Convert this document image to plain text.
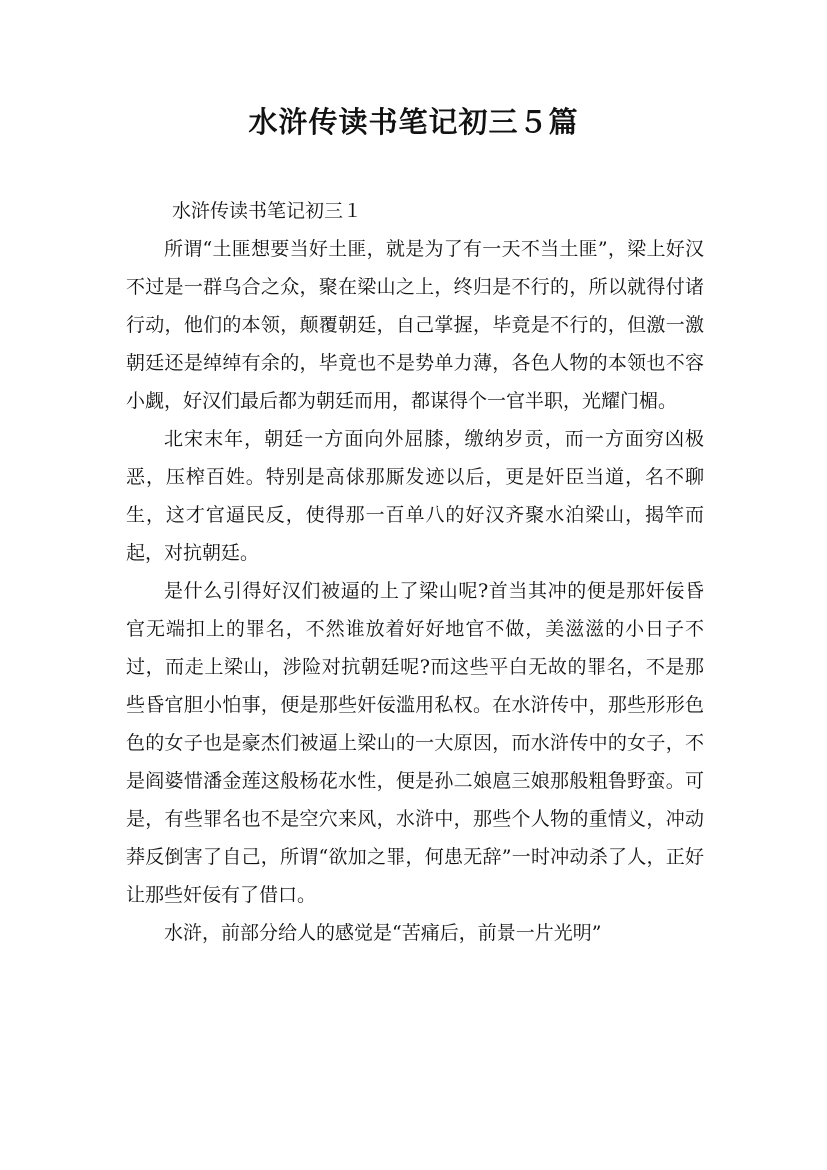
水浒传读书笔记初三５篇
水浒传读书笔记初三１

所谓“土匪想要当好土匪，就是为了有一天不当土匪”，梁上好汉不过是一群乌合之众，聚在梁山之上，终归是不行的，所以就得付诸行动，他们的本领，颠覆朝廷，自己掌握，毕竟是不行的，但激一激朝廷还是绰绰有余的，毕竟也不是势单力薄，各色人物的本领也不容小觑，好汉们最后都为朝廷而用，都谋得个一官半职，光耀门楣。

北宋末年，朝廷一方面向外屈膝，缴纳岁贡，而一方面穷凶极恶，压榨百姓。特别是高俅那厮发迹以后，更是奸臣当道，名不聊生，这才官逼民反，使得那一百单八的好汉齐聚水泊梁山，揭竿而起，对抗朝廷。

是什么引得好汉们被逼的上了梁山呢?首当其冲的便是那奸佞昏官无端扣上的罪名，不然谁放着好好地官不做，美滋滋的小日子不过，而走上梁山，涉险对抗朝廷呢?而这些平白无故的罪名，不是那些昏官胆小怕事，便是那些奸佞滥用私权。在水浒传中，那些形形色色的女子也是豪杰们被逼上梁山的一大原因，而水浒传中的女子，不是阎婆惜潘金莲这般杨花水性，便是孙二娘扈三娘那般粗鲁野蛮。可是，有些罪名也不是空穴来风，水浒中，那些个人物的重情义，冲动莽反倒害了自己，所谓“欲加之罪，何患无辞”一时冲动杀了人，正好让那些奸佞有了借口。

水浒，前部分给人的感觉是“苦痛后，前景一片光明”
